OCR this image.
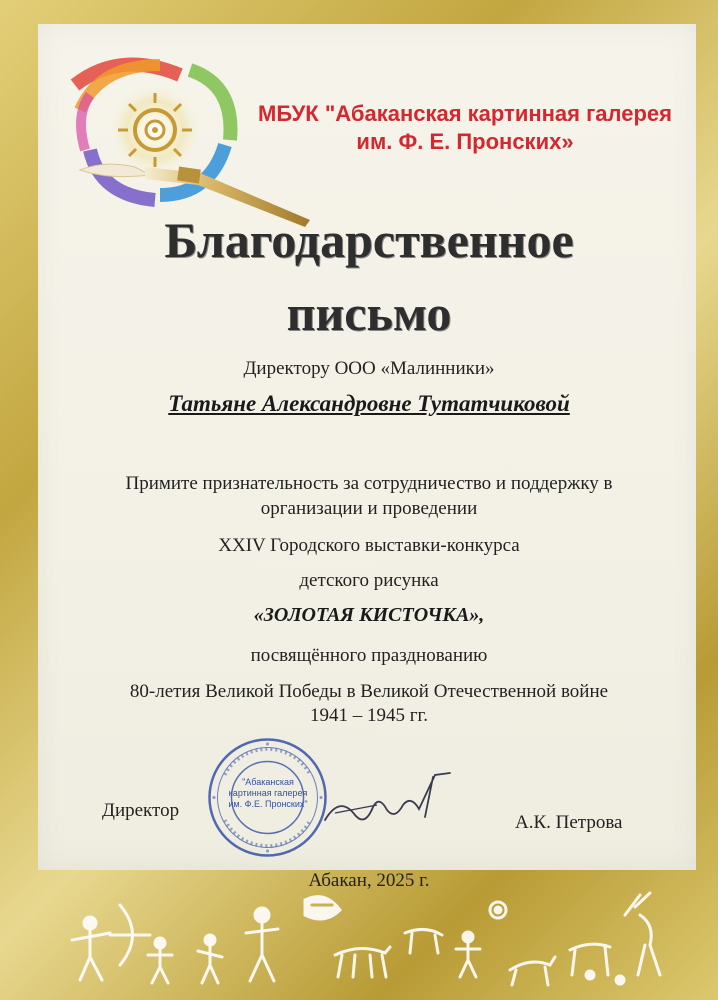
МБУК "Абаканская картинная галерея
им. Ф. Е. Пронских»
Благодарственное
письмо
Директору ООО «Малинники»
Татьяне Александровне Тутатчиковой
Примите признательность за сотрудничество и поддержку в
организации и проведении
XXIV Городского выставки-конкурса
детского рисунка
«ЗОЛОТАЯ КИСТОЧКА»,
посвящённого празднованию
80-летия Великой Победы в Великой Отечественной войне
1941 – 1945 гг.
"Абаканская картинная галерея им. Ф.Е. Пронских"
Директор
А.К. Петрова
Абакан, 2025 г.
